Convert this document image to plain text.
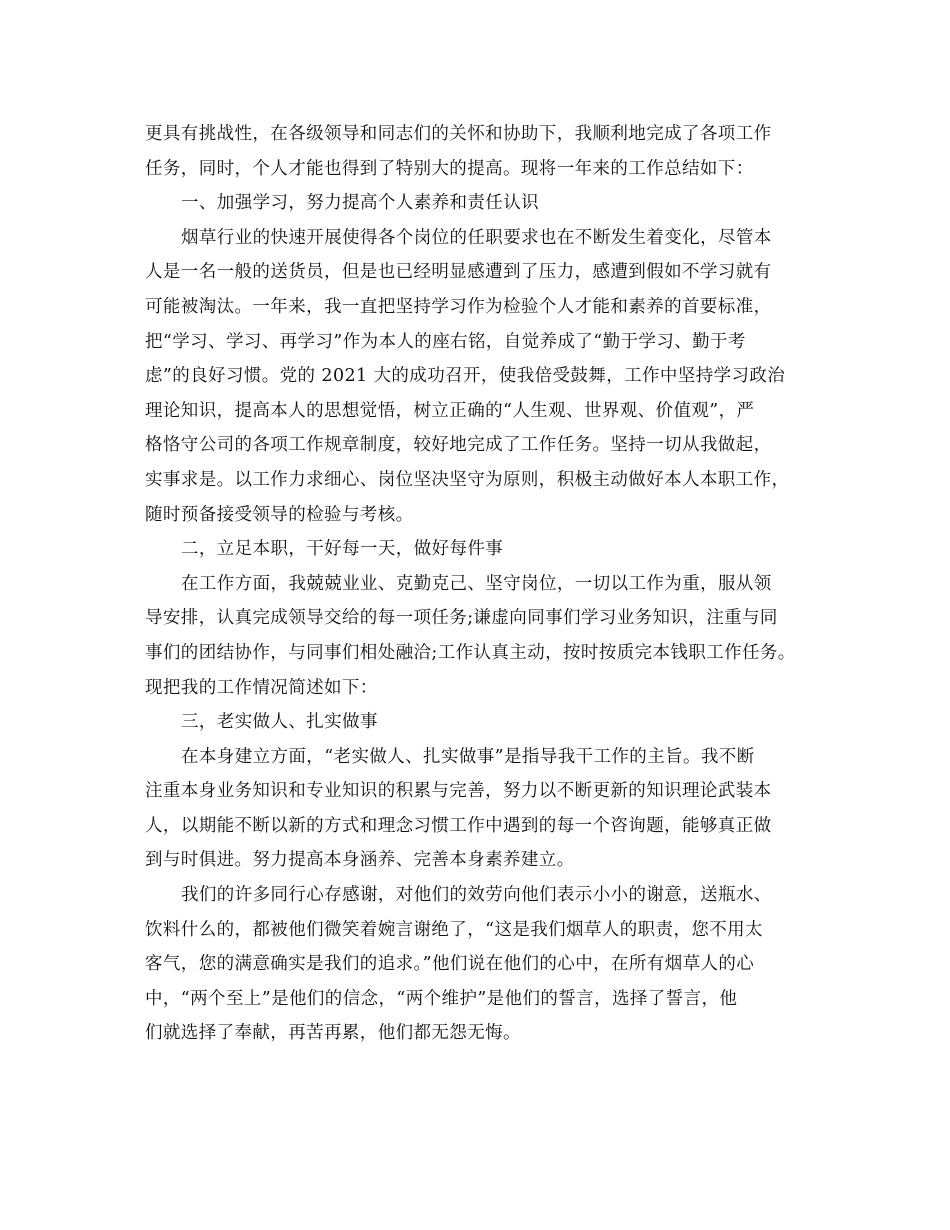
更具有挑战性，在各级领导和同志们的关怀和协助下，我顺利地完成了各项工作
任务，同时，个人才能也得到了特别大的提高。现将一年来的工作总结如下：
一、加强学习，努力提高个人素养和责任认识
烟草行业的快速开展使得各个岗位的任职要求也在不断发生着变化，尽管本
人是一名一般的送货员，但是也已经明显感遭到了压力，感遭到假如不学习就有
可能被淘汰。一年来，我一直把坚持学习作为检验个人才能和素养的首要标准，
把“学习、学习、再学习”作为本人的座右铭，自觉养成了“勤于学习、勤于考
虑”的良好习惯。党的 2021 大的成功召开，使我倍受鼓舞，工作中坚持学习政治
理论知识，提高本人的思想觉悟，树立正确的“人生观、世界观、价值观”，严
格恪守公司的各项工作规章制度，较好地完成了工作任务。坚持一切从我做起，
实事求是。以工作力求细心、岗位坚决坚守为原则，积极主动做好本人本职工作，
随时预备接受领导的检验与考核。
二，立足本职，干好每一天，做好每件事
在工作方面，我兢兢业业、克勤克己、坚守岗位，一切以工作为重，服从领
导安排，认真完成领导交给的每一项任务;谦虚向同事们学习业务知识，注重与同
事们的团结协作，与同事们相处融洽;工作认真主动，按时按质完本钱职工作任务。
现把我的工作情况简述如下：
三，老实做人、扎实做事
在本身建立方面，“老实做人、扎实做事”是指导我干工作的主旨。我不断
注重本身业务知识和专业知识的积累与完善，努力以不断更新的知识理论武装本
人，以期能不断以新的方式和理念习惯工作中遇到的每一个咨询题，能够真正做
到与时俱进。努力提高本身涵养、完善本身素养建立。
我们的许多同行心存感谢，对他们的效劳向他们表示小小的谢意，送瓶水、
饮料什么的，都被他们微笑着婉言谢绝了，“这是我们烟草人的职责，您不用太
客气，您的满意确实是我们的追求。”他们说在他们的心中，在所有烟草人的心
中，“两个至上”是他们的信念，“两个维护”是他们的誓言，选择了誓言，他
们就选择了奉献，再苦再累，他们都无怨无悔。
